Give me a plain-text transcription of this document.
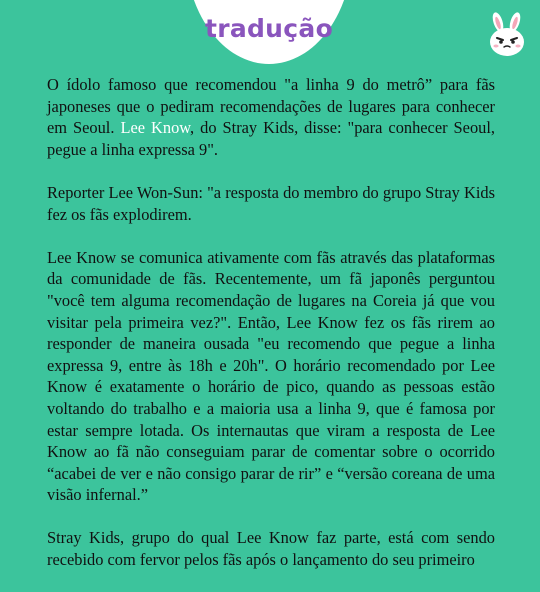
tradução

O ídolo famoso que recomendou "a linha 9 do metrô” para fãs japoneses que o pediram recomendações de lugares para conhecer em Seoul. Lee Know, do Stray Kids, disse: "para conhecer Seoul, pegue a linha expressa 9".

Reporter Lee Won-Sun: "a resposta do membro do grupo Stray Kids fez os fãs explodirem.

Lee Know se comunica ativamente com fãs através das plataformas da comunidade de fãs. Recentemente, um fã japonês perguntou "você tem alguma recomendação de lugares na Coreia já que vou visitar pela primeira vez?". Então, Lee Know fez os fãs rirem ao responder de maneira ousada "eu recomendo que pegue a linha expressa 9, entre às 18h e 20h". O horário recomendado por Lee Know é exatamente o horário de pico, quando as pessoas estão voltando do trabalho e a maioria usa a linha 9, que é famosa por estar sempre lotada. Os internautas que viram a resposta de Lee Know ao fã não conseguiam parar de comentar sobre o ocorrido “acabei de ver e não consigo parar de rir” e “versão coreana de uma visão infernal.”

Stray Kids, grupo do qual Lee Know faz parte, está com sendo recebido com fervor pelos fãs após o lançamento do seu primeiro
